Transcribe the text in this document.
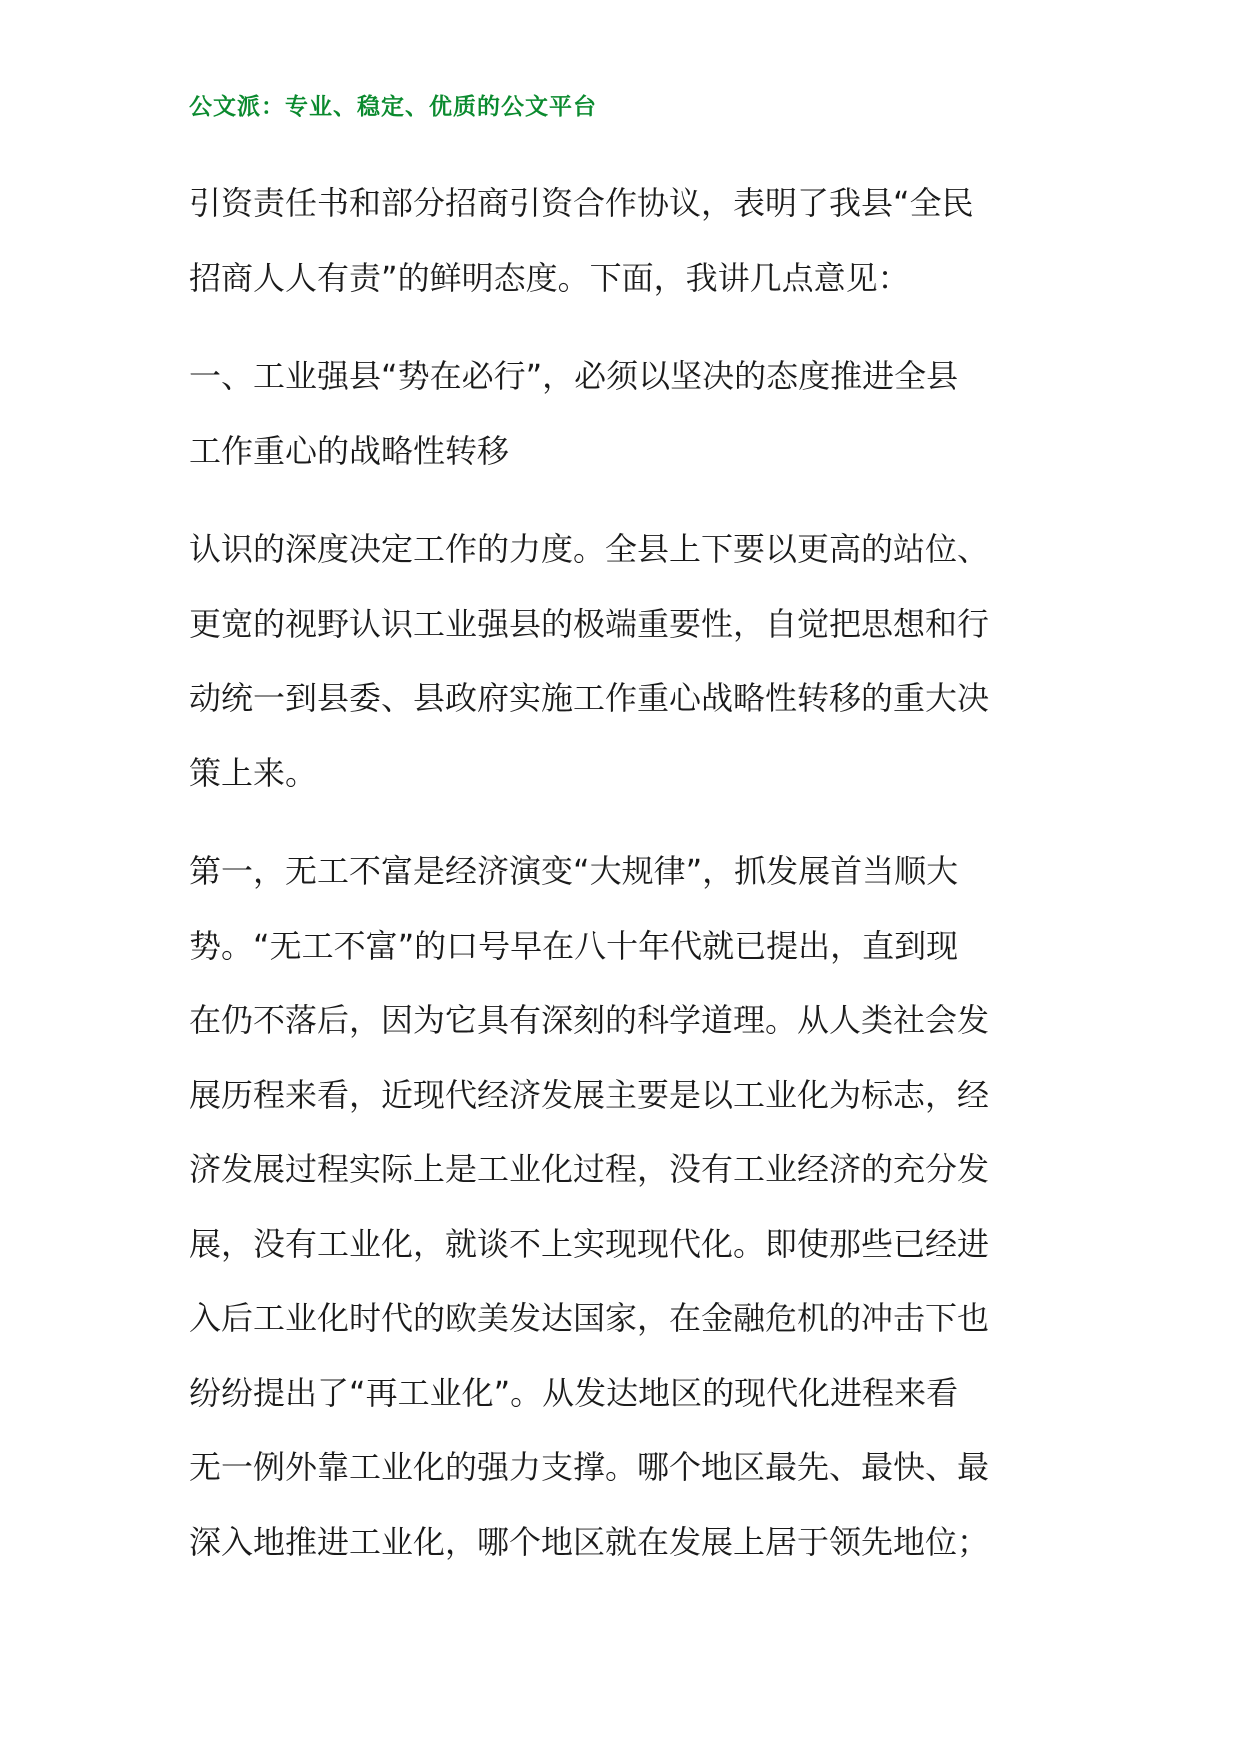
公文派：专业、稳定、优质的公文平台
引资责任书和部分招商引资合作协议，表明了我县“全民
招商人人有责”的鲜明态度。下面，我讲几点意见：
一、工业强县“势在必行”，必须以坚决的态度推进全县
工作重心的战略性转移
认识的深度决定工作的力度。全县上下要以更高的站位、
更宽的视野认识工业强县的极端重要性，自觉把思想和行
动统一到县委、县政府实施工作重心战略性转移的重大决
策上来。
第一，无工不富是经济演变“大规律”，抓发展首当顺大
势。“无工不富”的口号早在八十年代就已提出，直到现
在仍不落后，因为它具有深刻的科学道理。从人类社会发
展历程来看，近现代经济发展主要是以工业化为标志，经
济发展过程实际上是工业化过程，没有工业经济的充分发
展，没有工业化，就谈不上实现现代化。即使那些已经进
入后工业化时代的欧美发达国家，在金融危机的冲击下也
纷纷提出了“再工业化”。从发达地区的现代化进程来看
无一例外靠工业化的强力支撑。哪个地区最先、最快、最
深入地推进工业化，哪个地区就在发展上居于领先地位；
